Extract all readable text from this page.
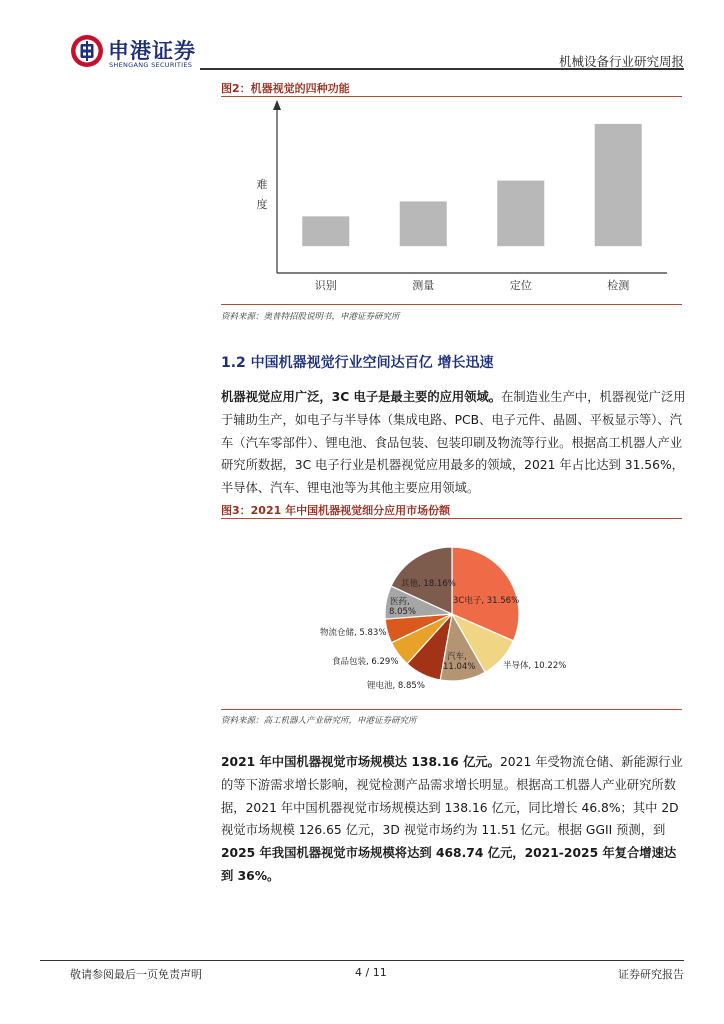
申港证券
SHENGANG SECURITIES	机械设备行业研究周报
图2：机器视觉的四种功能
难
度
识别	测量	定位	检测
资料来源：奥普特招股说明书，申港证券研究所
1.2 中国机器视觉行业空间达百亿 增长迅速
机器视觉应用广泛，3C 电子是最主要的应用领域。在制造业生产中，机器视觉广泛用于辅助生产，如电子与半导体（集成电路、PCB、电子元件、晶圆、平板显示等）、汽车（汽车零部件）、锂电池、食品包装、包装印刷及物流等行业。根据高工机器人产业研究所数据，3C 电子行业是机器视觉应用最多的领域，2021 年占比达到 31.56%，半导体、汽车、锂电池等为其他主要应用领域。
图3：2021 年中国机器视觉细分应用市场份额
3C电子, 31.56%
半导体, 10.22%
汽车,
11.04%
锂电池, 8.85%
食品包装, 6.29%
物流仓储, 5.83%
医药,
8.05%
其他, 18.16%
资料来源：高工机器人产业研究所，申港证券研究所
2021 年中国机器视觉市场规模达 138.16 亿元。2021 年受物流仓储、新能源行业的等下游需求增长影响，视觉检测产品需求增长明显。根据高工机器人产业研究所数据，2021 年中国机器视觉市场规模达到 138.16 亿元，同比增长 46.8%；其中 2D 视觉市场规模 126.65 亿元，3D 视觉市场约为 11.51 亿元。根据 GGII 预测，到2025 年我国机器视觉市场规模将达到 468.74 亿元，2021-2025 年复合增速达到 36%。
敬请参阅最后一页免责声明	4 / 11	证券研究报告
